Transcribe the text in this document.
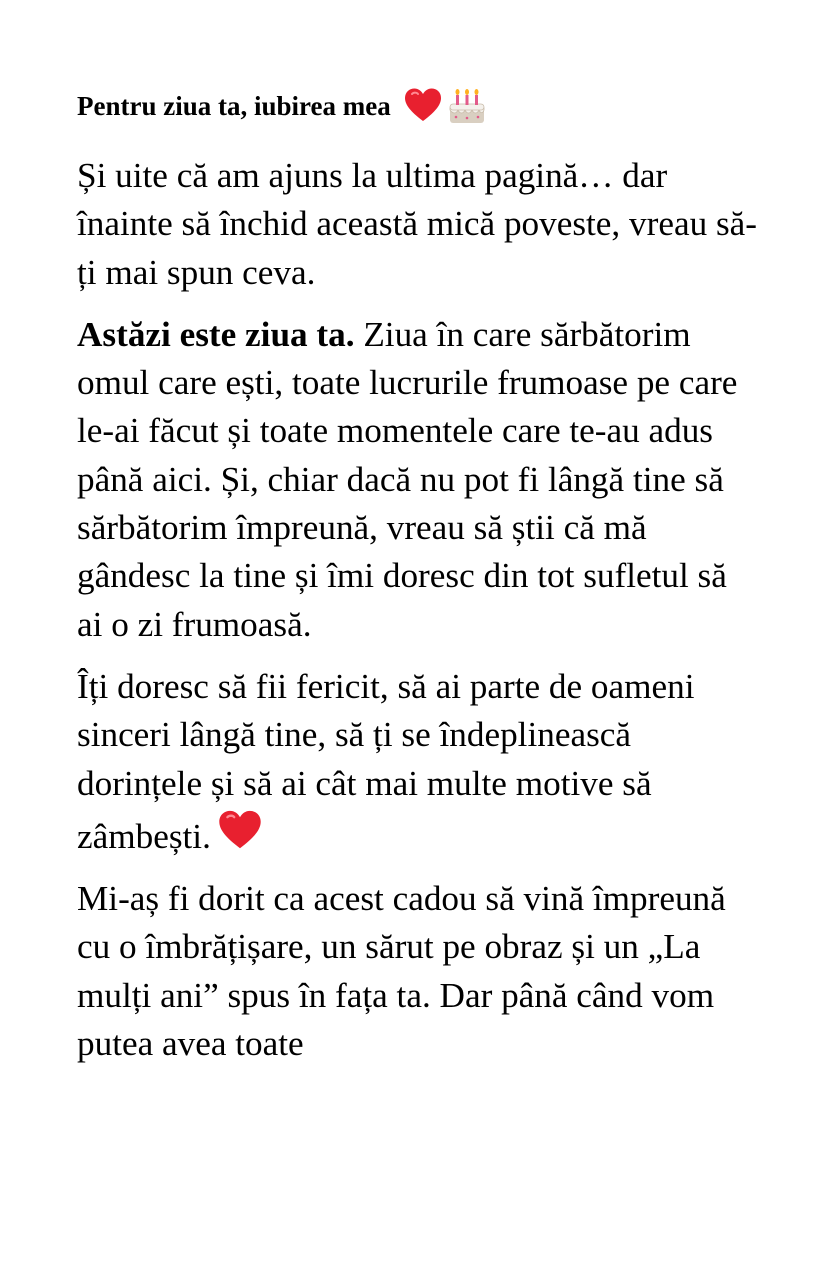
Pentru ziua ta, iubirea mea

Și uite că am ajuns la ultima pagină… dar înainte să închid această mică poveste, vreau să-ți mai spun ceva.

Astăzi este ziua ta. Ziua în care sărbătorim omul care ești, toate lucrurile frumoase pe care le-ai făcut și toate momentele care te-au adus până aici. Și, chiar dacă nu pot fi lângă tine să sărbătorim împreună, vreau să știi că mă gândesc la tine și îmi doresc din tot sufletul să ai o zi frumoasă.

Îți doresc să fii fericit, să ai parte de oameni sinceri lângă tine, să ți se îndeplinească dorințele și să ai cât mai multe motive să zâmbești.

Mi-aș fi dorit ca acest cadou să vină împreună cu o îmbrățișare, un sărut pe obraz și un „La mulți ani” spus în fața ta. Dar până când vom putea avea toate
